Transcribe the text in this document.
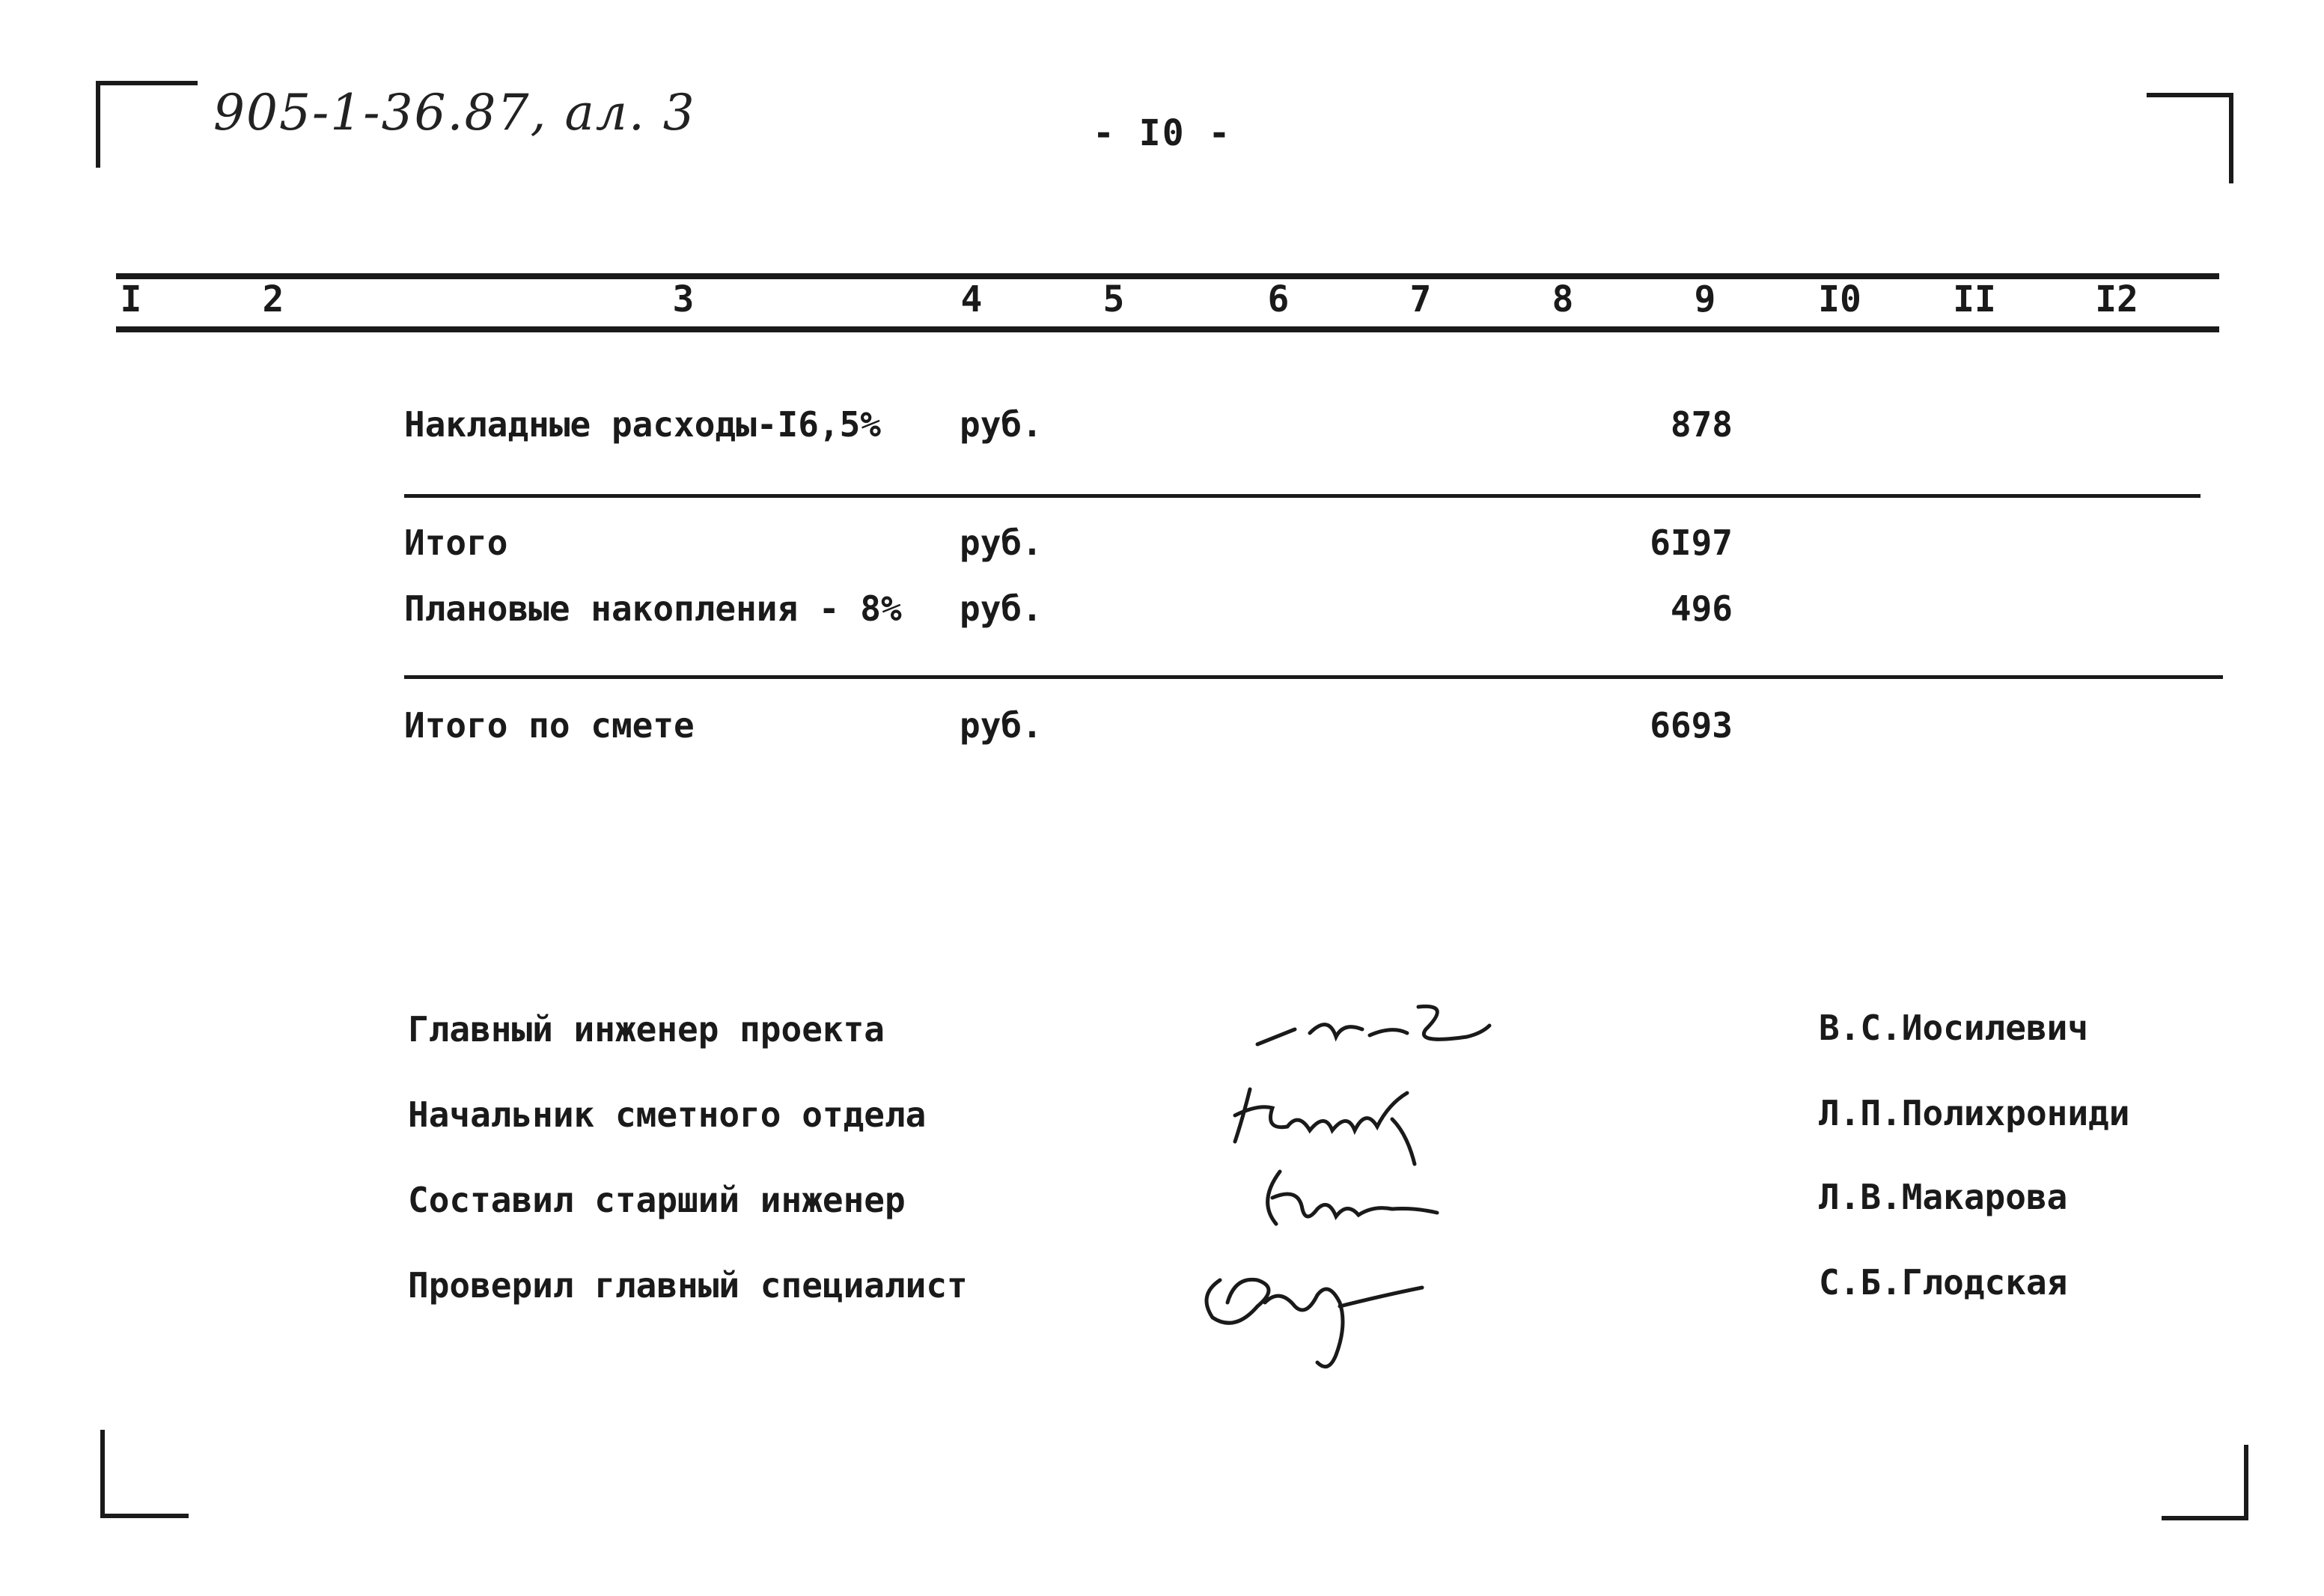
905-1-36.87, ал. 3	- I0 -
I	2	3	4	5	6	7	8	9	I0	II	I2
Накладные расходы-I6,5% руб.	878
Итого	руб.	6I97
Плановые накопления - 8% руб.	496
Итого по смете	руб.	6693
Главный инженер проекта	В.С.Иосилевич
Начальник сметного отдела	Л.П.Полихрониди
Составил старший инженер	Л.В.Макарова
Проверил главный специалист	С.Б.Глодская
